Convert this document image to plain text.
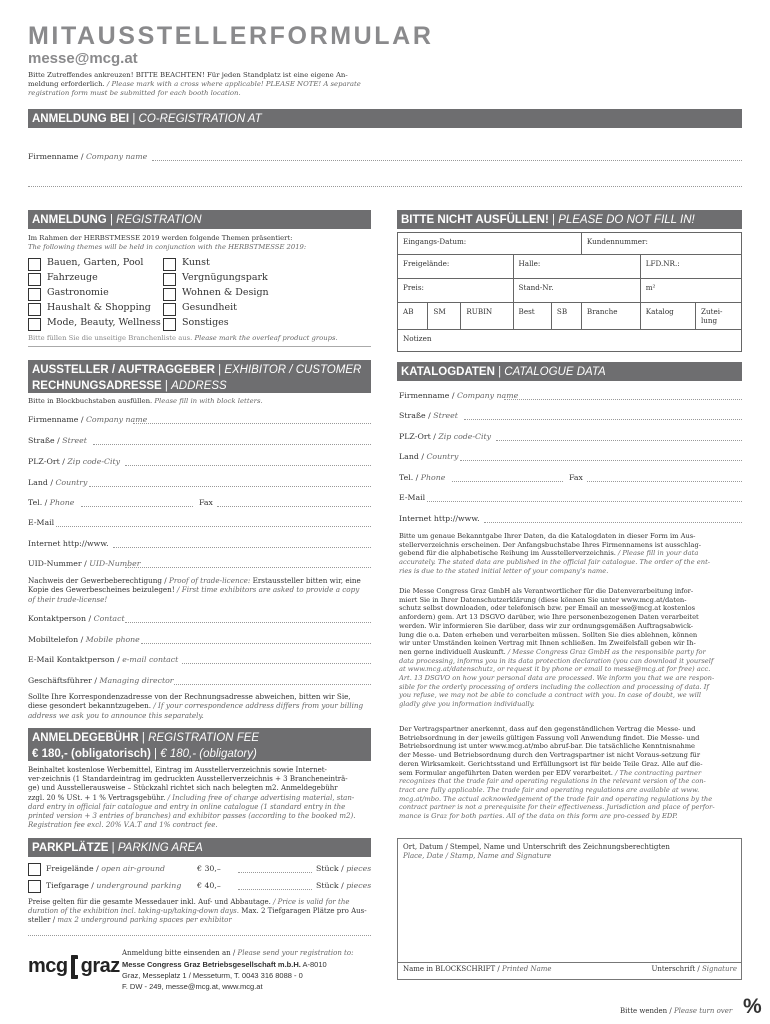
MITAUSSTELLERFORMULAR
messe@mcg.at
Bitte Zutreffendes ankreuzen! BITTE BEACHTEN! Für jeden Standplatz ist eine eigene An-
meldung erforderlich. / Please mark with a cross where applicable! PLEASE NOTE! A separate
registration form must be submitted for each booth location.
ANMELDUNG BEI | CO-REGISTRATION AT
Firmenname / Company name
ANMELDUNG | REGISTRATION
Im Rahmen der HERBSTMESSE 2019 werden folgende Themen präsentiert:
The following themes will be held in conjunction with the HERBSTMESSE 2019:
Bauen, Garten, Pool
Fahrzeuge
Gastronomie
Haushalt & Shopping
Mode, Beauty, Wellness
Kunst
Vergnügungspark
Wohnen & Design
Gesundheit
Sonstiges
Bitte füllen Sie die unseitige Branchenliste aus. Please mark the overleaf product groups.
BITTE NICHT AUSFÜLLEN! | PLEASE DO NOT FILL IN!
Eingangs-Datum:					Kundennummer:		
Freigelände:			Halle:			LFD.NR.:	
Preis:			Stand-Nr.			m²	
AB	SM	RUBIN	Best	SB	Branche	Katalog	Zutei-
lung
Notizen							
AUSSTELLER / AUFTRAGGEBER | EXHIBITOR / CUSTOMER
RECHNUNGSADRESSE | ADDRESS
Bitte in Blockbuchstaben ausfüllen. Please fill in with block letters.
Firmenname / Company name
Straße / Street
PLZ-Ort / Zip code-City
Land / Country
Tel. / Phone	Fax
E-Mail
Internet http://www.
UID-Nummer / UID-Number
Nachweis der Gewerbeberechtigung / Proof of trade-licence: Erstaussteller bitten wir, eine
Kopie des Gewerbescheines beizulegen! / First time exhibitors are asked to provide a copy
of their trade-license!
Kontaktperson / Contact
Mobiltelefon / Mobile phone
E-Mail Kontaktperson / e-mail contact
Geschäftsführer / Managing director
Sollte Ihre Korrespondenzadresse von der Rechnungsadresse abweichen, bitten wir Sie,
diese gesondert bekanntzugeben. / If your correspondence address differs from your billing
address we ask you to announce this separately.
ANMELDEGEBÜHR | REGISTRATION FEE
€ 180,- (obligatorisch) | € 180,- (obligatory)
Beinhaltet kostenlose Werbemittel, Eintrag im Ausstellerverzeichnis sowie Internet-
ver-zeichnis (1 Standardeintrag im gedruckten Ausstellerverzeichnis + 3 Brancheneinträ-
ge) und Ausstellerausweise – Stückzahl richtet sich nach belegten m2. Anmeldegebühr
zzgl. 20 % USt. + 1 % Vertragsgebühr. / Including free of charge advertising material, stan-
dard entry in official fair catalogue and entry in online catalogue (1 standard entry in the
printed version + 3 entries of branches) and exhibitor passes (according to the booked m2).
Registration fee excl. 20% V.A.T and 1% contract fee.
PARKPLÄTZE | PARKING AREA
Freigelände / open air-ground	€ 30,–	Stück / pieces
Tiefgarage / underground parking € 40,–	Stück / pieces
Preise gelten für die gesamte Messedauer inkl. Auf- und Abbautage. / Price is valid for the
duration of the exhibition incl. taking-up/taking-down days. Max. 2 Tiefgaragen Plätze pro Aus-
steller / max 2 underground parking spaces per exhibitor
mcg graz
Anmeldung bitte einsenden an / Please send your registration to:
Messe Congress Graz Betriebsgesellschaft m.b.H. A-8010
Graz, Messeplatz 1 / Messeturm, T. 0043 316 8088 - 0
F. DW - 249, messe@mcg.at, www.mcg.at
KATALOGDATEN | CATALOGUE DATA
Firmenname / Company name
Straße / Street
PLZ-Ort / Zip code-City
Land / Country
Tel. / Phone	Fax
E-Mail
Internet http://www.
Bitte um genaue Bekanntgabe Ihrer Daten, da die Katalogdaten in dieser Form im Aus-
stellerverzeichnis erscheinen. Der Anfangsbuchstabe Ihres Firmennamens ist ausschlag-
gebend für die alphabetische Reihung im Ausstellerverzeichnis. / Please fill in your data
accurately. The stated data are published in the official fair catalogue. The order of the ent-
ries is due to the stated initial letter of your company's name.
Die Messe Congress Graz GmbH als Verantwortlicher für die Datenverarbeitung infor-
miert Sie in Ihrer Datenschutzerklärung (diese können Sie unter www.mcg.at/daten-
schutz selbst downloaden, oder telefonisch bzw. per Email an messe@mcg.at kostenlos
anfordern) gem. Art 13 DSGVO darüber, wie Ihre personenbezogenen Daten verarbeitet
werden. Wir informieren Sie darüber, dass wir zur ordnungsgemäßen Auftragsabwick-
lung die o.a. Daten erheben und verarbeiten müssen. Sollten Sie dies ablehnen, können
wir unter Umständen keinen Vertrag mit Ihnen schließen. Im Zweifelsfall geben wir Ih-
nen gerne individuell Auskunft. / Messe Congress Graz GmbH as the responsible party for
data processing, informs you in its data protection declaration (you can download it yourself
at www.mcg.at/datenschutz, or request it by phone or email to messe@mcg.at for free) acc.
Art. 13 DSGVO on how your personal data are processed. We inform you that we are respon-
sible for the orderly processing of orders including the collection and processing of data. If
you refuse, we may not be able to conclude a contract with you. In case of doubt, we will
gladly give you information individually.
Der Vertragspartner anerkennt, dass auf den gegenständlichen Vertrag die Messe- und
Betriebsordnung in der jeweils gültigen Fassung voll Anwendung findet. Die Messe- und
Betriebsordnung ist unter www.mcg.at/mbo abruf-bar. Die tatsächliche Kenntnisnahme
der Messe- und Betriebsordnung durch den Vertragspartner ist nicht Voraus-setzung für
deren Wirksamkeit. Gerichtsstand und Erfüllungsort ist für beide Teile Graz. Alle auf die-
sem Formular angeführten Daten werden per EDV verarbeitet. / The contracting partner
recognizes that the trade fair and operating regulations in the relevant version of the con-
tract are fully applicable. The trade fair and operating regulations are available at www.
mcg.at/mbo. The actual acknowledgement of the trade fair and operating regulations by the
contract partner is not a prerequisite for their effectiveness. Jurisdiction and place of perfor-
mance is Graz for both parties. All of the data on this form are pro-cessed by EDP.
Ort, Datum / Stempel, Name und Unterschrift des Zeichnungsberechtigten
Place, Date / Stamp, Name and Signature
Name in BLOCKSCHRIFT / Printed Name	Unterschrift / Signature
Bitte wenden / Please turn over %
